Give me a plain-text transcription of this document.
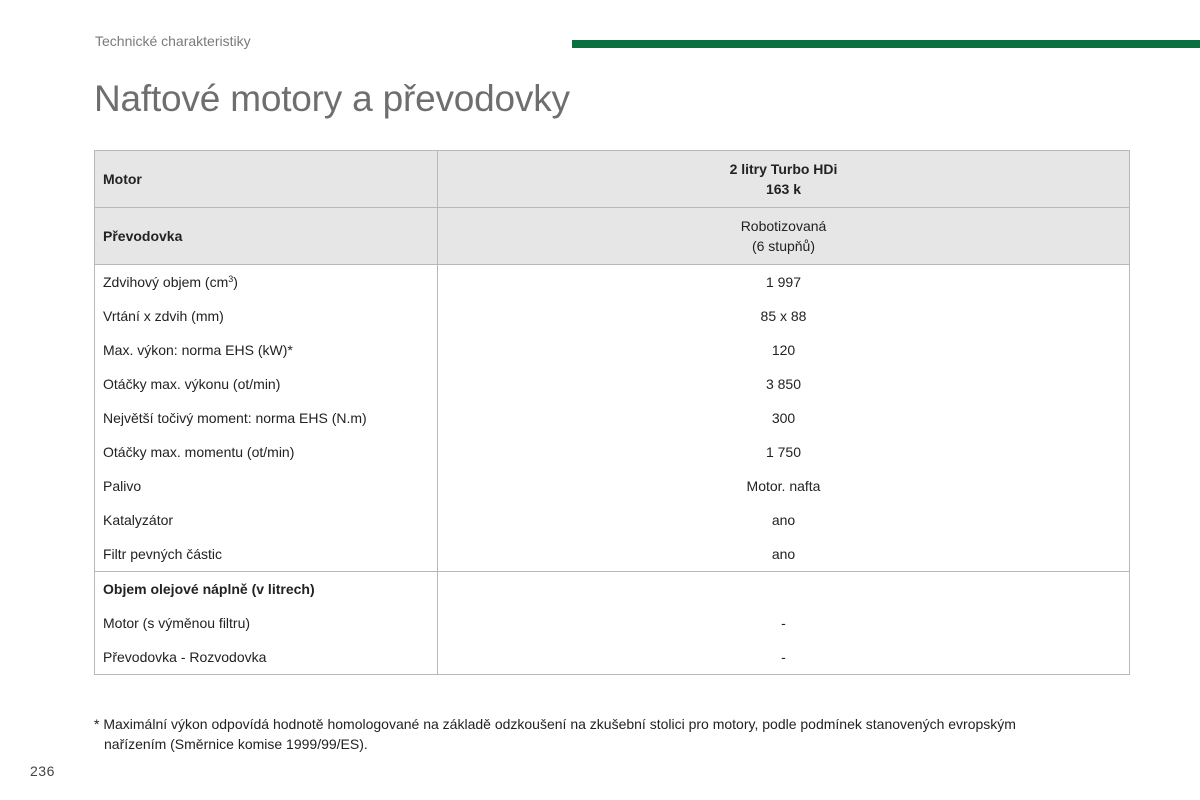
Technické charakteristiky
Naftové motory a převodovky
Motor	2 litry Turbo HDi
163 k
Převodovka	Robotizovaná
(6 stupňů)
Zdvihový objem $(cm^3)$	1 997
Vrtání x zdvih (mm)	85 x 88
Max. výkon: norma EHS (kW)*	120
Otáčky max. výkonu (ot/min)	3 850
Největší točivý moment: norma EHS (N.m)	300
Otáčky max. momentu (ot/min)	1 750
Palivo	Motor. nafta
Katalyzátor	ano
Filtr pevných částic	ano
Objem olejové náplně (v litrech)	
Motor (s výměnou filtru)	-
Převodovka - Rozvodovka	-
* Maximální výkon odpovídá hodnotě homologované na základě odzkoušení na zkušební stolici pro motory, podle podmínek stanovených evropským
nařízením (Směrnice komise 1999/99/ES).
236
